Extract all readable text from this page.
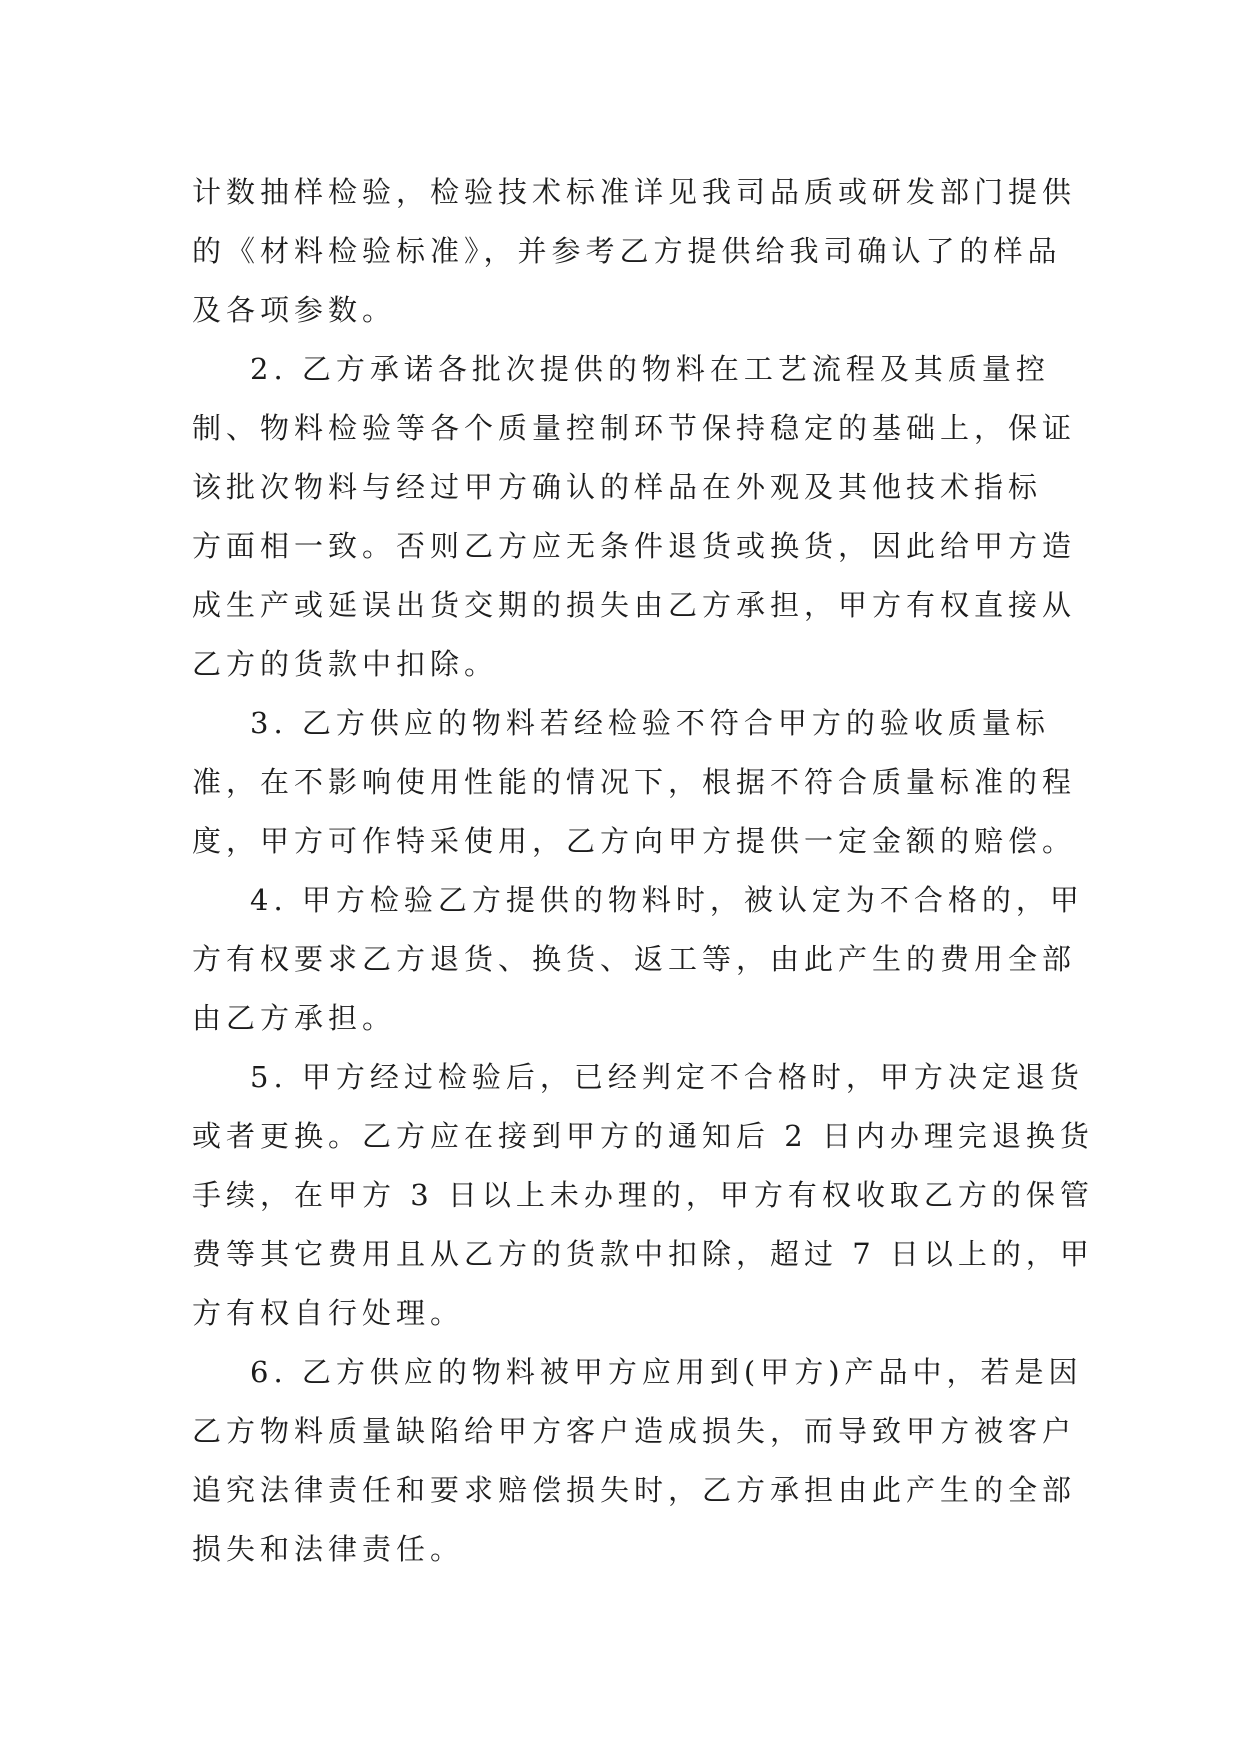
计数抽样检验，检验技术标准详见我司品质或研发部门提供
的《材料检验标准》，并参考乙方提供给我司确认了的样品
及各项参数。
2. 乙方承诺各批次提供的物料在工艺流程及其质量控
制、物料检验等各个质量控制环节保持稳定的基础上，保证
该批次物料与经过甲方确认的样品在外观及其他技术指标
方面相一致。否则乙方应无条件退货或换货，因此给甲方造
成生产或延误出货交期的损失由乙方承担，甲方有权直接从
乙方的货款中扣除。
3. 乙方供应的物料若经检验不符合甲方的验收质量标
准，在不影响使用性能的情况下，根据不符合质量标准的程
度，甲方可作特采使用，乙方向甲方提供一定金额的赔偿。
4. 甲方检验乙方提供的物料时，被认定为不合格的，甲
方有权要求乙方退货、换货、返工等，由此产生的费用全部
由乙方承担。
5. 甲方经过检验后，已经判定不合格时，甲方决定退货
或者更换。乙方应在接到甲方的通知后 2 日内办理完退换货
手续，在甲方 3 日以上未办理的，甲方有权收取乙方的保管
费等其它费用且从乙方的货款中扣除，超过 7 日以上的，甲
方有权自行处理。
6. 乙方供应的物料被甲方应用到(甲方)产品中，若是因
乙方物料质量缺陷给甲方客户造成损失，而导致甲方被客户
追究法律责任和要求赔偿损失时，乙方承担由此产生的全部
损失和法律责任。
